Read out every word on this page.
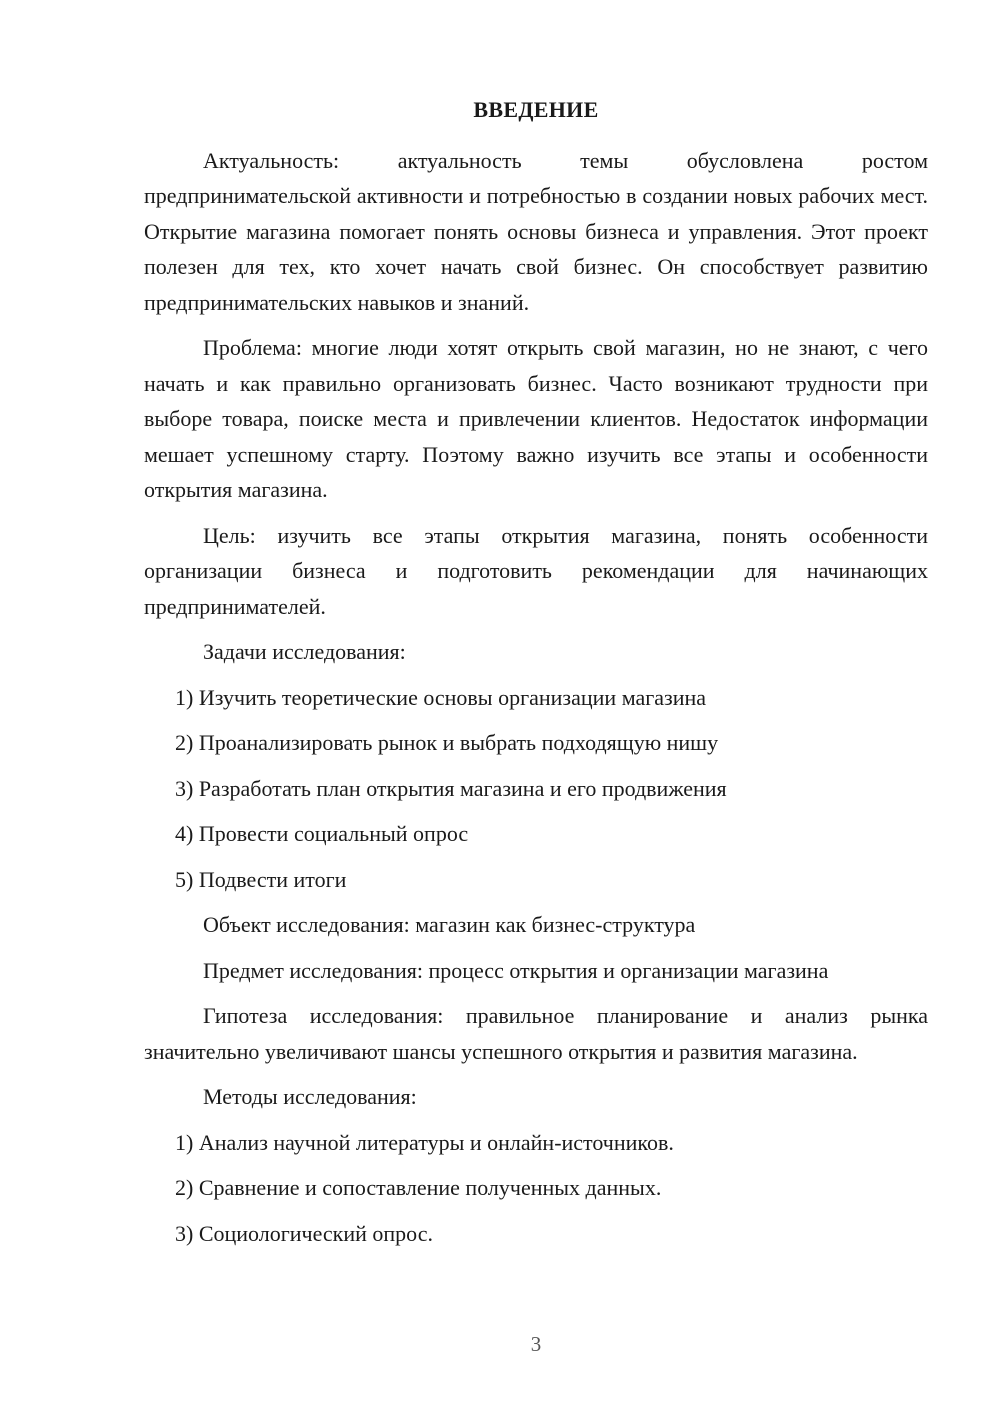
ВВЕДЕНИЕ

Актуальность: актуальность темы обусловлена ростом предпринимательской активности и потребностью в создании новых рабочих мест. Открытие магазина помогает понять основы бизнеса и управления. Этот проект полезен для тех, кто хочет начать свой бизнес. Он способствует развитию предпринимательских навыков и знаний.

Проблема: многие люди хотят открыть свой магазин, но не знают, с чего начать и как правильно организовать бизнес. Часто возникают трудности при выборе товара, поиске места и привлечении клиентов. Недостаток информации мешает успешному старту. Поэтому важно изучить все этапы и особенности открытия магазина.

Цель: изучить все этапы открытия магазина, понять особенности организации бизнеса и подготовить рекомендации для начинающих предпринимателей.

Задачи исследования:

1) Изучить теоретические основы организации магазина

2) Проанализировать рынок и выбрать подходящую нишу

3) Разработать план открытия магазина и его продвижения

4) Провести социальный опрос

5) Подвести итоги

Объект исследования: магазин как бизнес-структура

Предмет исследования: процесс открытия и организации магазина

Гипотеза исследования: правильное планирование и анализ рынка значительно увеличивают шансы успешного открытия и развития магазина.

Методы исследования:

1) Анализ научной литературы и онлайн-источников.

2) Сравнение и сопоставление полученных данных.

3) Социологический опрос.

3
